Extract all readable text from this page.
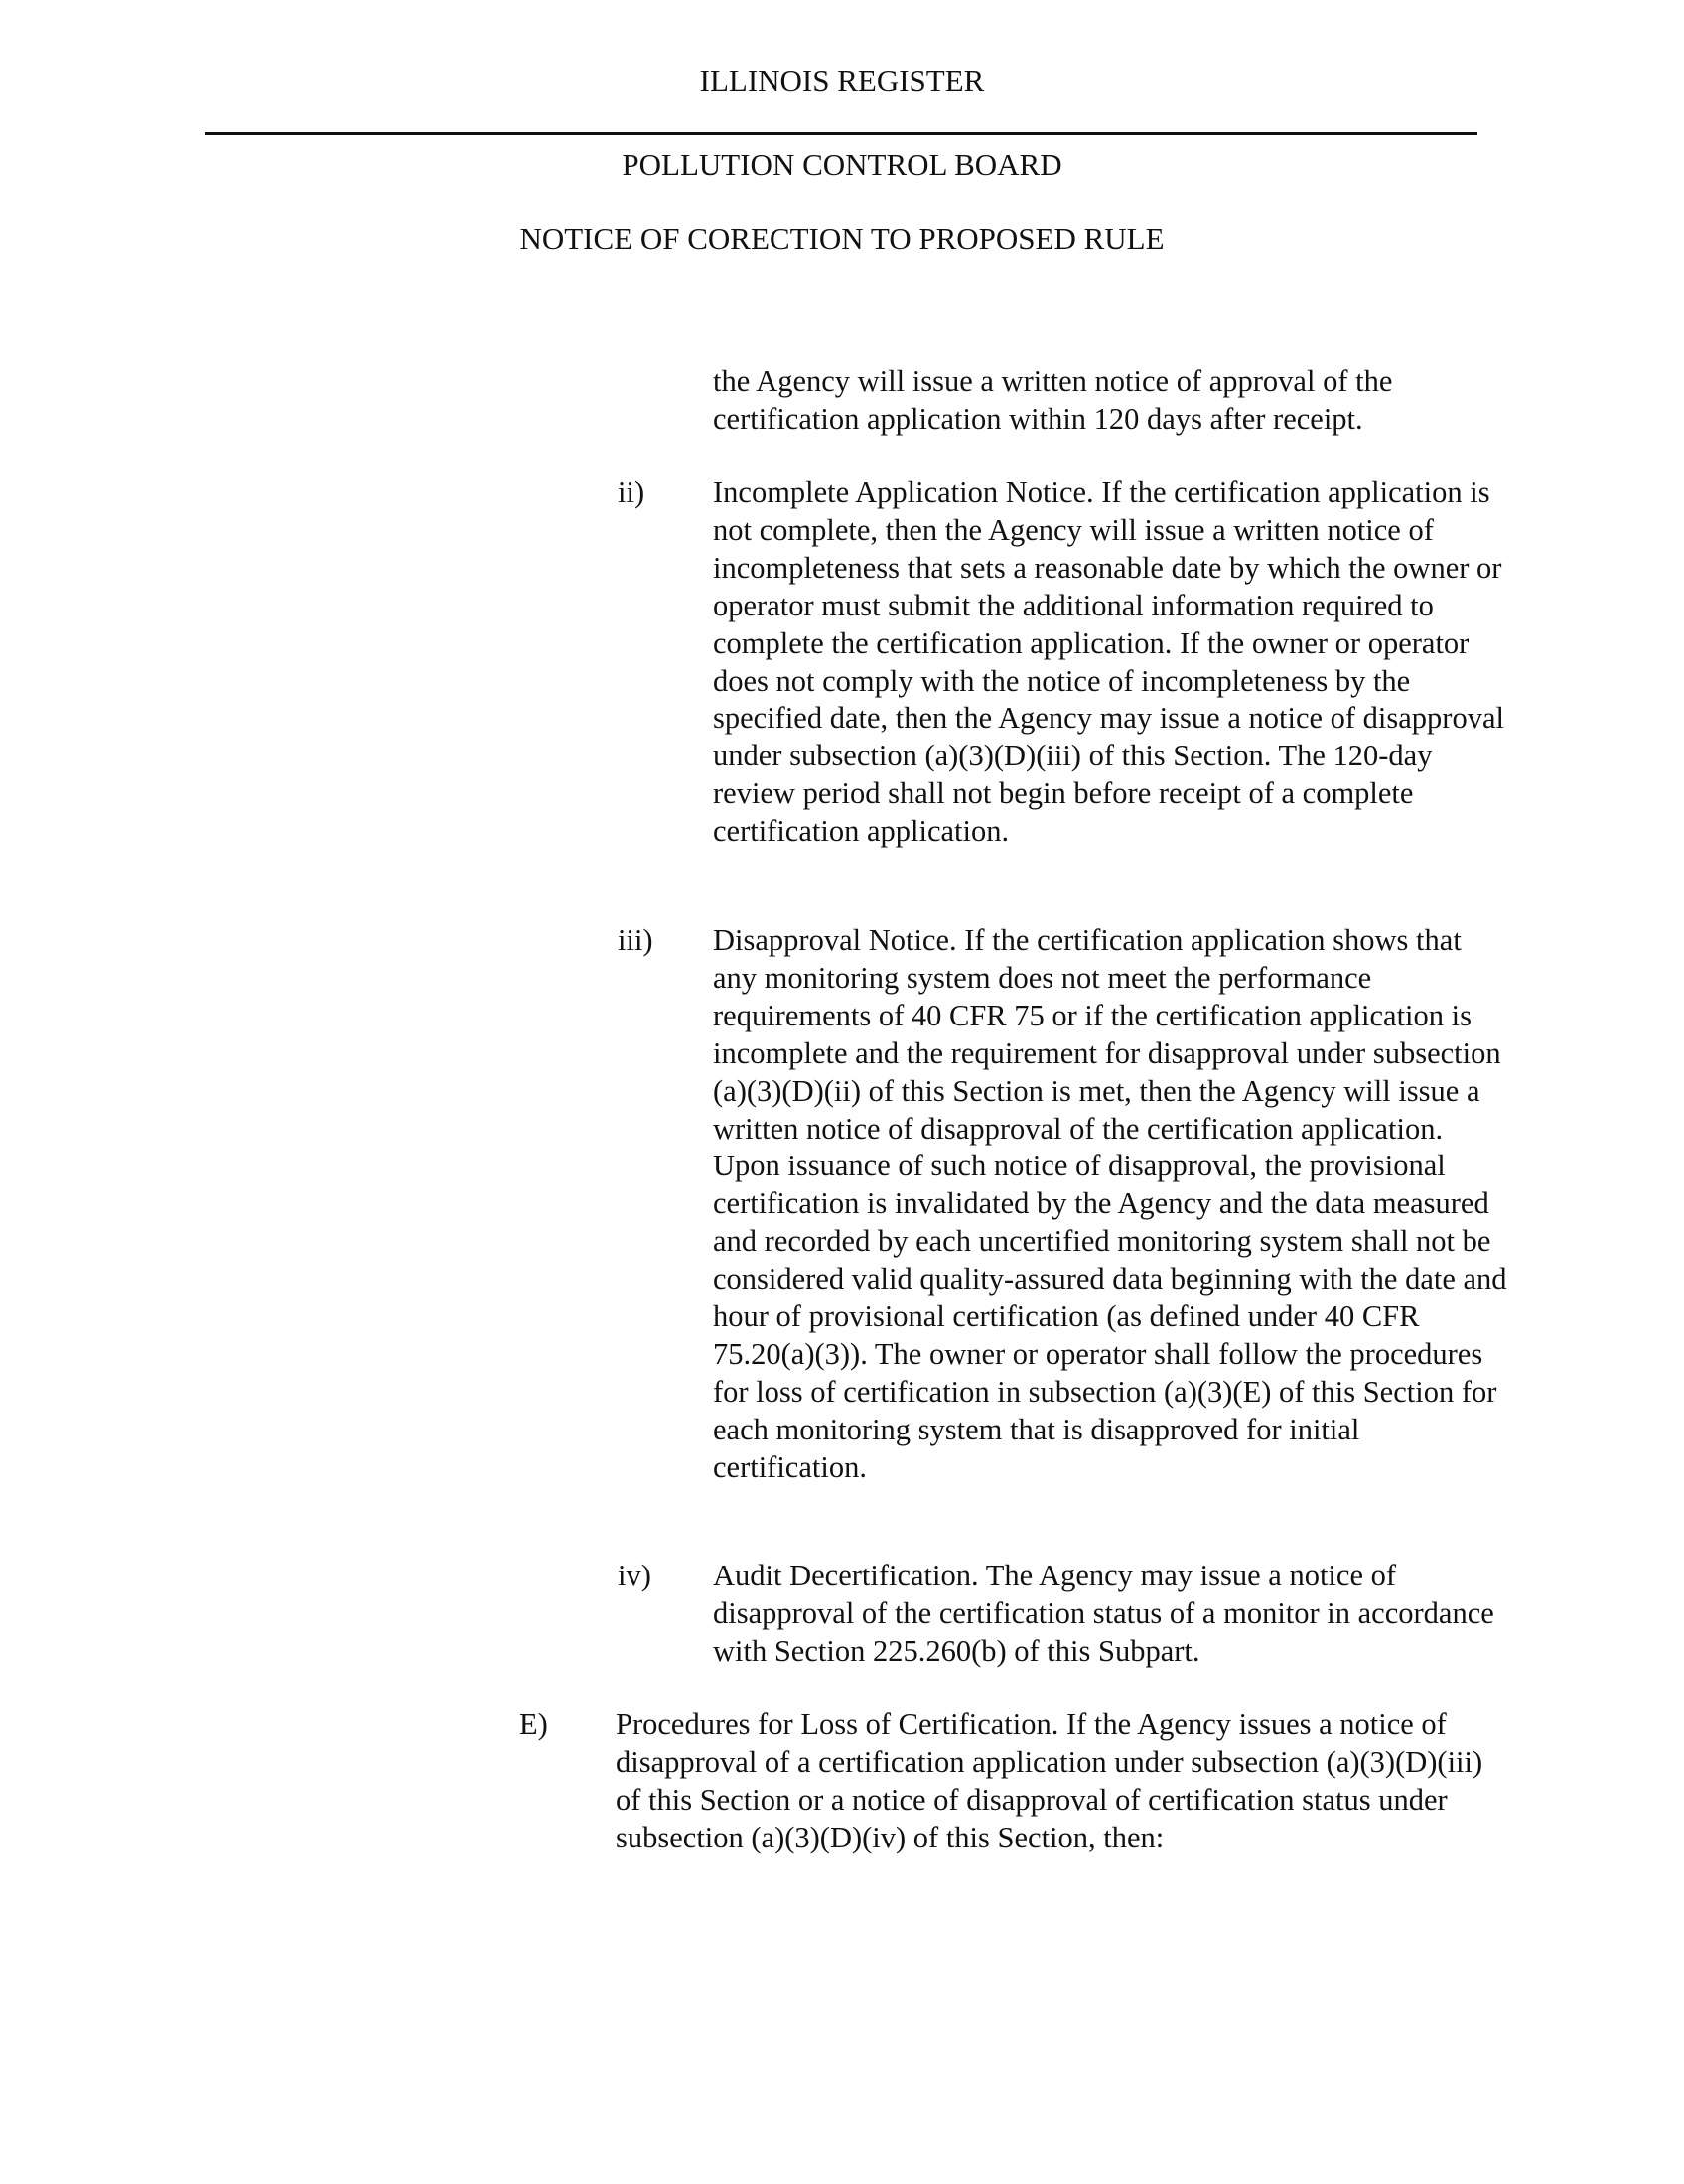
ILLINOIS REGISTER
POLLUTION CONTROL BOARD
NOTICE OF CORECTION TO PROPOSED RULE
the Agency will issue a written notice of approval of the certification application within 120 days after receipt.
ii) Incomplete Application Notice. If the certification application is not complete, then the Agency will issue a written notice of incompleteness that sets a reasonable date by which the owner or operator must submit the additional information required to complete the certification application. If the owner or operator does not comply with the notice of incompleteness by the specified date, then the Agency may issue a notice of disapproval under subsection (a)(3)(D)(iii) of this Section. The 120-day review period shall not begin before receipt of a complete certification application.
iii) Disapproval Notice. If the certification application shows that any monitoring system does not meet the performance requirements of 40 CFR 75 or if the certification application is incomplete and the requirement for disapproval under subsection (a)(3)(D)(ii) of this Section is met, then the Agency will issue a written notice of disapproval of the certification application. Upon issuance of such notice of disapproval, the provisional certification is invalidated by the Agency and the data measured and recorded by each uncertified monitoring system shall not be considered valid quality-assured data beginning with the date and hour of provisional certification (as defined under 40 CFR 75.20(a)(3)). The owner or operator shall follow the procedures for loss of certification in subsection (a)(3)(E) of this Section for each monitoring system that is disapproved for initial certification.
iv) Audit Decertification. The Agency may issue a notice of disapproval of the certification status of a monitor in accordance with Section 225.260(b) of this Subpart.
E) Procedures for Loss of Certification. If the Agency issues a notice of disapproval of a certification application under subsection (a)(3)(D)(iii) of this Section or a notice of disapproval of certification status under subsection (a)(3)(D)(iv) of this Section, then:
